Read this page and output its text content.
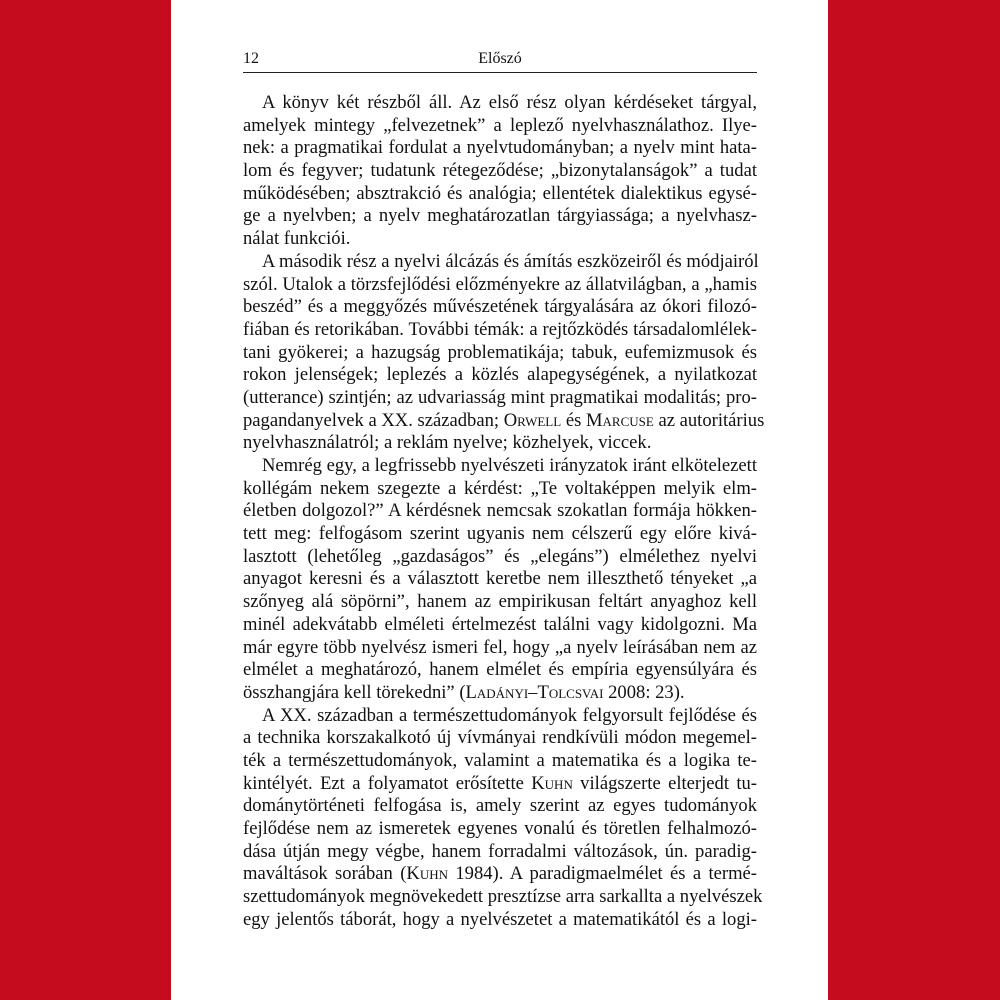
12	Előszó
A könyv két részből áll. Az első rész olyan kérdéseket tárgyal,
amelyek mintegy „felvezetnek” a leplező nyelvhasználathoz. Ilye-
nek: a pragmatikai fordulat a nyelvtudományban; a nyelv mint hata-
lom és fegyver; tudatunk rétegeződése; „bizonytalanságok” a tudat
működésében; absztrakció és analógia; ellentétek dialektikus egysé-
ge a nyelvben; a nyelv meghatározatlan tárgyiassága; a nyelvhasz-
nálat funkciói.
A második rész a nyelvi álcázás és ámítás eszközeiről és módjairól
szól. Utalok a törzsfejlődési előzményekre az állatvilágban, a „hamis
beszéd” és a meggyőzés művészetének tárgyalására az ókori filozó-
fiában és retorikában. További témák: a rejtőzködés társadalomlélek-
tani gyökerei; a hazugság problematikája; tabuk, eufemizmusok és
rokon jelenségek; leplezés a közlés alapegységének, a nyilatkozat
(utterance) szintjén; az udvariasság mint pragmatikai modalitás; pro-
pagandanyelvek a XX. században; Orwell és Marcuse az autoritárius
nyelvhasználatról; a reklám nyelve; közhelyek, viccek.
Nemrég egy, a legfrissebb nyelvészeti irányzatok iránt elkötelezett
kollégám nekem szegezte a kérdést: „Te voltaképpen melyik elm-
életben dolgozol?” A kérdésnek nemcsak szokatlan formája hökken-
tett meg: felfogásom szerint ugyanis nem célszerű egy előre kivá-
lasztott (lehetőleg „gazdaságos” és „elegáns”) elmélethez nyelvi
anyagot keresni és a választott keretbe nem illeszthető tényeket „a
szőnyeg alá söpörni”, hanem az empirikusan feltárt anyaghoz kell
minél adekvátabb elméleti értelmezést találni vagy kidolgozni. Ma
már egyre több nyelvész ismeri fel, hogy „a nyelv leírásában nem az
elmélet a meghatározó, hanem elmélet és empíria egyensúlyára és
összhangjára kell törekedni” (Ladányi–Tolcsvai 2008: 23).
A XX. században a természettudományok felgyorsult fejlődése és
a technika korszakalkotó új vívmányai rendkívüli módon megemel-
ték a természettudományok, valamint a matematika és a logika te-
kintélyét. Ezt a folyamatot erősítette Kuhn világszerte elterjedt tu-
dománytörténeti felfogása is, amely szerint az egyes tudományok
fejlődése nem az ismeretek egyenes vonalú és töretlen felhalmozó-
dása útján megy végbe, hanem forradalmi változások, ún. paradig-
maváltások sorában (Kuhn 1984). A paradigmaelmélet és a termé-
szettudományok megnövekedett presztízse arra sarkallta a nyelvészek
egy jelentős táborát, hogy a nyelvészetet a matematikától és a logi-
